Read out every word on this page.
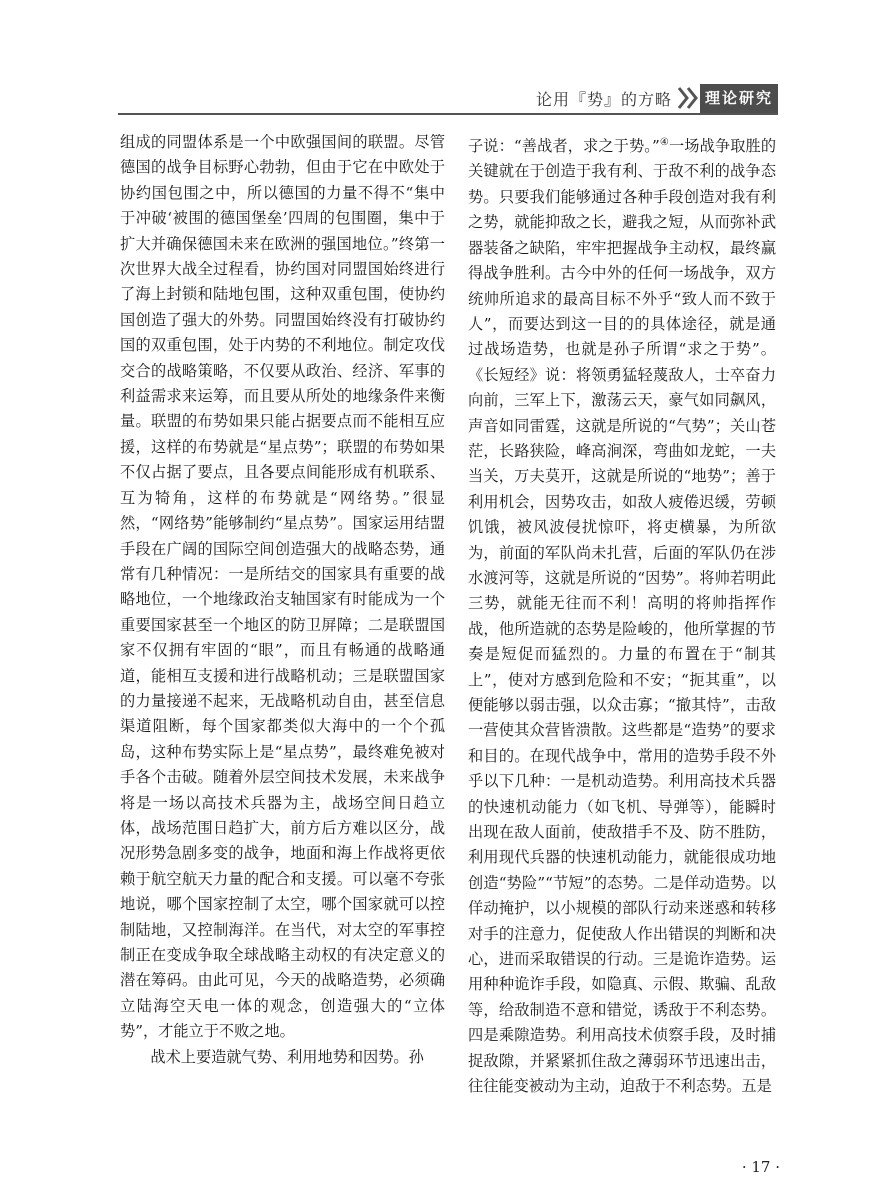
论用『势』的方略	理论研究

组成的同盟体系是一个中欧强国间的联盟。尽管德国的战争目标野心勃勃，但由于它在中欧处于协约国包围之中，所以德国的力量不得不“集中于冲破‘被围的德国堡垒’四周的包围圈，集中于扩大并确保德国未来在欧洲的强国地位。”终第一次世界大战全过程看，协约国对同盟国始终进行了海上封锁和陆地包围，这种双重包围，使协约国创造了强大的外势。同盟国始终没有打破协约国的双重包围，处于内势的不利地位。制定攻伐交合的战略策略，不仅要从政治、经济、军事的利益需求来运筹，而且要从所处的地缘条件来衡量。联盟的布势如果只能占据要点而不能相互应援，这样的布势就是“星点势”；联盟的布势如果不仅占据了要点，且各要点间能形成有机联系、互为犄角，这样的布势就是“网络势。”很显然，“网络势”能够制约“星点势”。国家运用结盟手段在广阔的国际空间创造强大的战略态势，通常有几种情况：一是所结交的国家具有重要的战略地位，一个地缘政治支轴国家有时能成为一个重要国家甚至一个地区的防卫屏障；二是联盟国家不仅拥有牢固的“眼”，而且有畅通的战略通道，能相互支援和进行战略机动；三是联盟国家的力量接递不起来，无战略机动自由，甚至信息渠道阻断，每个国家都类似大海中的一个个孤岛，这种布势实际上是“星点势”，最终难免被对手各个击破。随着外层空间技术发展，未来战争将是一场以高技术兵器为主，战场空间日趋立体，战场范围日趋扩大，前方后方难以区分，战况形势急剧多变的战争，地面和海上作战将更依赖于航空航天力量的配合和支援。可以毫不夸张地说，哪个国家控制了太空，哪个国家就可以控制陆地，又控制海洋。在当代，对太空的军事控制正在变成争取全球战略主动权的有决定意义的潜在筹码。由此可见，今天的战略造势，必须确立陆海空天电一体的观念，创造强大的“立体势”，才能立于不败之地。

战术上要造就气势、利用地势和因势。孙

子说：“善战者，求之于势。”④一场战争取胜的关键就在于创造于我有利、于敌不利的战争态势。只要我们能够通过各种手段创造对我有利之势，就能抑敌之长，避我之短，从而弥补武器装备之缺陷，牢牢把握战争主动权，最终赢得战争胜利。古今中外的任何一场战争，双方统帅所追求的最高目标不外乎“致人而不致于人”，而要达到这一目的的具体途径，就是通过战场造势，也就是孙子所谓“求之于势”。《长短经》说：将领勇猛轻蔑敌人，士卒奋力向前，三军上下，激荡云天，豪气如同飙风，声音如同雷霆，这就是所说的“气势”；关山苍茫，长路狭险，峰高涧深，弯曲如龙蛇，一夫当关，万夫莫开，这就是所说的“地势”；善于利用机会，因势攻击，如敌人疲倦迟缓，劳顿饥饿，被风波侵扰惊吓，将吏横暴，为所欲为，前面的军队尚未扎营，后面的军队仍在涉水渡河等，这就是所说的“因势”。将帅若明此三势，就能无往而不利！高明的将帅指挥作战，他所造就的态势是险峻的，他所掌握的节奏是短促而猛烈的。力量的布置在于“制其上”，使对方感到危险和不安；“扼其重”，以便能够以弱击强，以众击寡；“撤其恃”，击敌一营使其众营皆溃散。这些都是“造势”的要求和目的。在现代战争中，常用的造势手段不外乎以下几种：一是机动造势。利用高技术兵器的快速机动能力（如飞机、导弹等），能瞬时出现在敌人面前，使敌措手不及、防不胜防，利用现代兵器的快速机动能力，就能很成功地创造“势险”“节短”的态势。二是佯动造势。以佯动掩护，以小规模的部队行动来迷惑和转移对手的注意力，促使敌人作出错误的判断和决心，进而采取错误的行动。三是诡诈造势。运用种种诡诈手段，如隐真、示假、欺骗、乱敌等，给敌制造不意和错觉，诱敌于不利态势。四是乘隙造势。利用高技术侦察手段，及时捕捉敌隙，并紧紧抓住敌之薄弱环节迅速出击，往往能变被动为主动，迫敌于不利态势。五是

· 17 ·
